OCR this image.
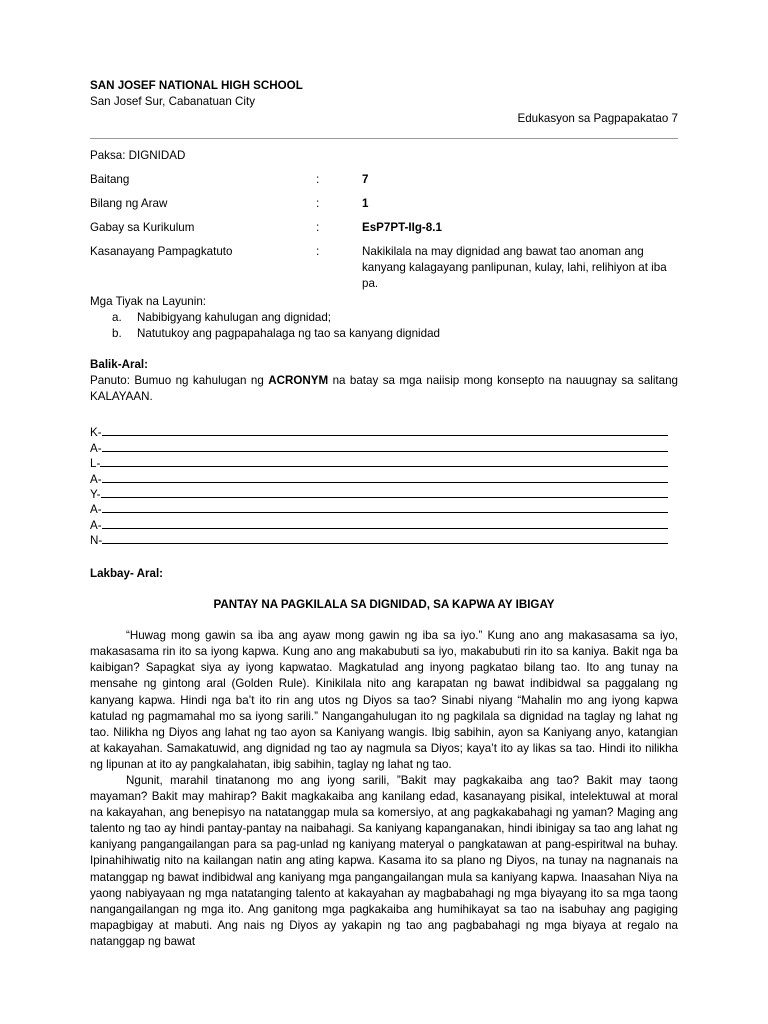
SAN JOSEF NATIONAL HIGH SCHOOL
San Josef Sur, Cabanatuan City
Edukasyon sa Pagpapakatao 7
Paksa: DIGNIDAD
Baitang	:	7
Bilang ng Araw	:	1
Gabay sa Kurikulum	:	EsP7PT-IIg-8.1
Kasanayang Pampagkatuto	:	Nakikilala na may dignidad ang bawat tao anoman ang kanyang kalagayang panlipunan, kulay, lahi, relihiyon at iba pa.
Mga Tiyak na Layunin:
a.	Nabibigyang kahulugan ang dignidad;
b.	Natutukoy ang pagpapahalaga ng tao sa kanyang dignidad
Balik-Aral:
Panuto: Bumuo ng kahulugan ng ACRONYM na batay sa mga naiisip mong konsepto na nauugnay sa salitang KALAYAAN.
K-
A-
L-
A-
Y-
A-
A-
N-
Lakbay- Aral:
PANTAY NA PAGKILALA SA DIGNIDAD, SA KAPWA AY IBIGAY

“Huwag mong gawin sa iba ang ayaw mong gawin ng iba sa iyo.” Kung ano ang makasasama sa iyo, makasasama rin ito sa iyong kapwa. Kung ano ang makabubuti sa iyo, makabubuti rin ito sa kaniya. Bakit nga ba kaibigan? Sapagkat siya ay iyong kapwatao. Magkatulad ang inyong pagkatao bilang tao. Ito ang tunay na mensahe ng gintong aral (Golden Rule). Kinikilala nito ang karapatan ng bawat indibidwal sa paggalang ng kanyang kapwa. Hindi nga ba’t ito rin ang utos ng Diyos sa tao? Sinabi niyang “Mahalin mo ang iyong kapwa katulad ng pagmamahal mo sa iyong sarili.” Nangangahulugan ito ng pagkilala sa dignidad na taglay ng lahat ng tao. Nilikha ng Diyos ang lahat ng tao ayon sa Kaniyang wangis. Ibig sabihin, ayon sa Kaniyang anyo, katangian at kakayahan. Samakatuwid, ang dignidad ng tao ay nagmula sa Diyos; kaya’t ito ay likas sa tao. Hindi ito nilikha ng lipunan at ito ay pangkalahatan, ibig sabihin, taglay ng lahat ng tao.

Ngunit, marahil tinatanong mo ang iyong sarili, ”Bakit may pagkakaiba ang tao? Bakit may taong mayaman? Bakit may mahirap? Bakit magkakaiba ang kanilang edad, kasanayang pisikal, intelektuwal at moral na kakayahan, ang benepisyo na natatanggap mula sa komersiyo, at ang pagkakabahagi ng yaman? Maging ang talento ng tao ay hindi pantay-pantay na naibahagi. Sa kaniyang kapanganakan, hindi ibinigay sa tao ang lahat ng kaniyang pangangailangan para sa pag-unlad ng kaniyang materyal o pangkatawan at pang-espiritwal na buhay. Ipinahihiwatig nito na kailangan natin ang ating kapwa. Kasama ito sa plano ng Diyos, na tunay na nagnanais na matanggap ng bawat indibidwal ang kaniyang mga pangangailangan mula sa kaniyang kapwa. Inaasahan Niya na yaong nabiyayaan ng mga natatanging talento at kakayahan ay magbabahagi ng mga biyayang ito sa mga taong nangangailangan ng mga ito. Ang ganitong mga pagkakaiba ang humihikayat sa tao na isabuhay ang pagiging mapagbigay at mabuti. Ang nais ng Diyos ay yakapin ng tao ang pagbabahagi ng mga biyaya at regalo na natanggap ng bawat
